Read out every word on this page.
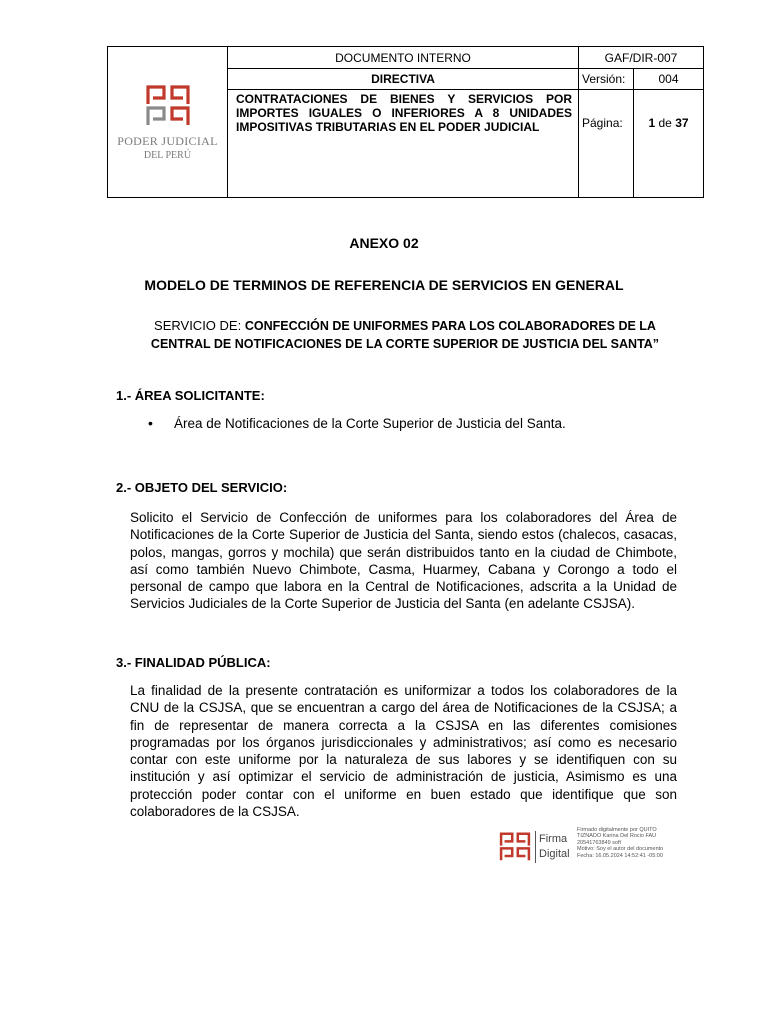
PODER JUDICIAL
DEL PERÚ	DOCUMENTO INTERNO	GAF/DIR-007	
	DIRECTIVA	Versión:	004
	CONTRATACIONES DE BIENES Y SERVICIOS POR IMPORTES IGUALES O INFERIORES A 8 UNIDADES IMPOSITIVAS TRIBUTARIAS EN EL PODER JUDICIAL	Página:	1 de 37

ANEXO 02
MODELO DE TERMINOS DE REFERENCIA DE SERVICIOS EN GENERAL
SERVICIO DE: CONFECCIÓN DE UNIFORMES PARA LOS COLABORADORES DE LA CENTRAL DE NOTIFICACIONES DE LA CORTE SUPERIOR DE JUSTICIA DEL SANTA”
1.- ÁREA SOLICITANTE:
• Área de Notificaciones de la Corte Superior de Justicia del Santa.
2.- OBJETO DEL SERVICIO:

Solicito el Servicio de Confección de uniformes para los colaboradores del Área de Notificaciones de la Corte Superior de Justicia del Santa, siendo estos (chalecos, casacas, polos, mangas, gorros y mochila) que serán distribuidos tanto en la ciudad de Chimbote, así como también Nuevo Chimbote, Casma, Huarmey, Cabana y Corongo a todo el personal de campo que labora en la Central de Notificaciones, adscrita a la Unidad de Servicios Judiciales de la Corte Superior de Justicia del Santa (en adelante CSJSA).

3.- FINALIDAD PÚBLICA:

La finalidad de la presente contratación es uniformizar a todos los colaboradores de la CNU de la CSJSA, que se encuentran a cargo del área de Notificaciones de la CSJSA; a fin de representar de manera correcta a la CSJSA en las diferentes comisiones programadas por los órganos jurisdiccionales y administrativos; así como es necesario contar con este uniforme por la naturaleza de sus labores y se identifiquen con su institución y así optimizar el servicio de administración de justicia, Asimismo es una protección poder contar con el uniforme en buen estado que identifique que son colaboradores de la CSJSA.

Firma
Digital
Firmado digitalmente por QUITO
TIZNADO Karina Del Rocio FAU
20541763849 soft
Motivo: Soy el autor del documento
Fecha: 16.05.2024 14:52:41 -05:00
